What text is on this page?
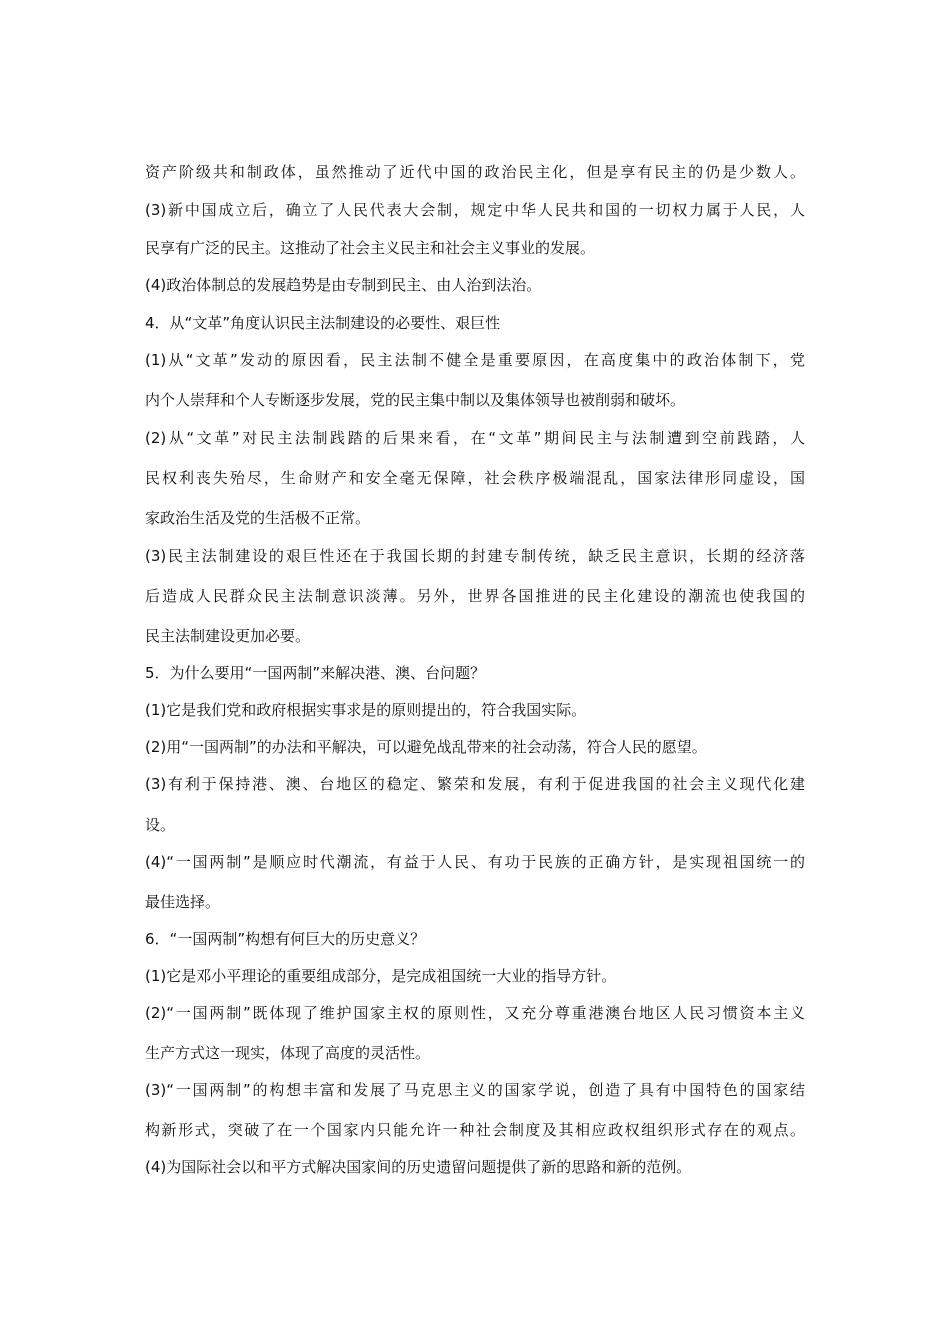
资产阶级共和制政体，虽然推动了近代中国的政治民主化，但是享有民主的仍是少数人。
(3)新中国成立后，确立了人民代表大会制，规定中华人民共和国的一切权力属于人民，人
民享有广泛的民主。这推动了社会主义民主和社会主义事业的发展。
(4)政治体制总的发展趋势是由专制到民主、由人治到法治。
4．从“文革”角度认识民主法制建设的必要性、艰巨性
(1)从“文革”发动的原因看，民主法制不健全是重要原因，在高度集中的政治体制下，党
内个人崇拜和个人专断逐步发展，党的民主集中制以及集体领导也被削弱和破坏。
(2)从“文革”对民主法制践踏的后果来看，在“文革”期间民主与法制遭到空前践踏，人
民权利丧失殆尽，生命财产和安全毫无保障，社会秩序极端混乱，国家法律形同虚设，国
家政治生活及党的生活极不正常。
(3)民主法制建设的艰巨性还在于我国长期的封建专制传统，缺乏民主意识，长期的经济落
后造成人民群众民主法制意识淡薄。另外，世界各国推进的民主化建设的潮流也使我国的
民主法制建设更加必要。
5．为什么要用“一国两制”来解决港、澳、台问题？
(1)它是我们党和政府根据实事求是的原则提出的，符合我国实际。
(2)用“一国两制”的办法和平解决，可以避免战乱带来的社会动荡，符合人民的愿望。
(3)有利于保持港、澳、台地区的稳定、繁荣和发展，有利于促进我国的社会主义现代化建
设。
(4)“一国两制”是顺应时代潮流，有益于人民、有功于民族的正确方针，是实现祖国统一的
最佳选择。
6．“一国两制”构想有何巨大的历史意义？
(1)它是邓小平理论的重要组成部分，是完成祖国统一大业的指导方针。
(2)“一国两制”既体现了维护国家主权的原则性，又充分尊重港澳台地区人民习惯资本主义
生产方式这一现实，体现了高度的灵活性。
(3)“一国两制”的构想丰富和发展了马克思主义的国家学说，创造了具有中国特色的国家结
构新形式，突破了在一个国家内只能允许一种社会制度及其相应政权组织形式存在的观点。
(4)为国际社会以和平方式解决国家间的历史遗留问题提供了新的思路和新的范例。
